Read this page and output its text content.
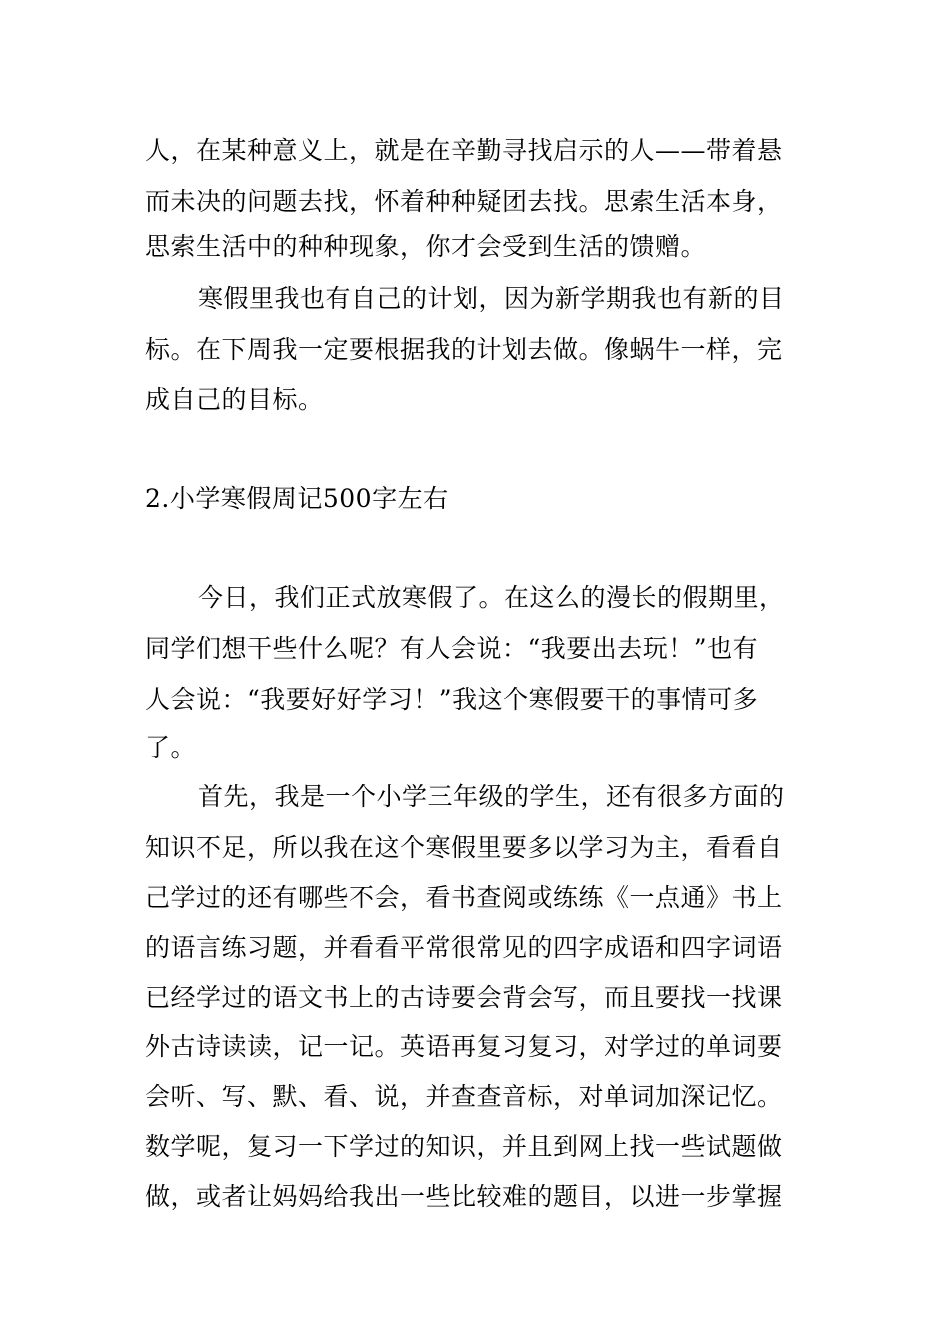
人，在某种意义上，就是在辛勤寻找启示的人——带着悬
而未决的问题去找，怀着种种疑团去找。思索生活本身，
思索生活中的种种现象，你才会受到生活的馈赠。
寒假里我也有自己的计划，因为新学期我也有新的目
标。在下周我一定要根据我的计划去做。像蜗牛一样，完
成自己的目标。
2.小学寒假周记500字左右
今日，我们正式放寒假了。在这么的漫长的假期里，
同学们想干些什么呢？有人会说：“我要出去玩！”也有
人会说：“我要好好学习！”我这个寒假要干的事情可多
了。
首先，我是一个小学三年级的学生，还有很多方面的
知识不足，所以我在这个寒假里要多以学习为主，看看自
己学过的还有哪些不会，看书查阅或练练《一点通》书上
的语言练习题，并看看平常很常见的四字成语和四字词语
已经学过的语文书上的古诗要会背会写，而且要找一找课
外古诗读读，记一记。英语再复习复习，对学过的单词要
会听、写、默、看、说，并查查音标，对单词加深记忆。
数学呢，复习一下学过的知识，并且到网上找一些试题做
做，或者让妈妈给我出一些比较难的题目，以进一步掌握
